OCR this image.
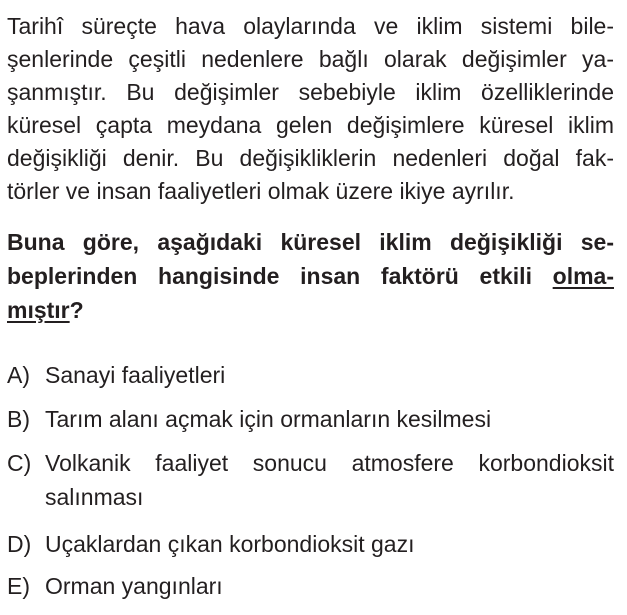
Tarihî süreçte hava olaylarında ve iklim sistemi bile-
şenlerinde çeşitli nedenlere bağlı olarak değişimler ya-
şanmıştır. Bu değişimler sebebiyle iklim özelliklerinde
küresel çapta meydana gelen değişimlere küresel iklim
değişikliği denir. Bu değişikliklerin nedenleri doğal fak-
törler ve insan faaliyetleri olmak üzere ikiye ayrılır.
Buna göre, aşağıdaki küresel iklim değişikliği se-
beplerinden hangisinde insan faktörü etkili olma-
mıştır?
A) Sanayi faaliyetleri
B) Tarım alanı açmak için ormanların kesilmesi
C) Volkanik faaliyet sonucu atmosfere korbondioksit
salınması
D) Uçaklardan çıkan korbondioksit gazı
E) Orman yangınları
